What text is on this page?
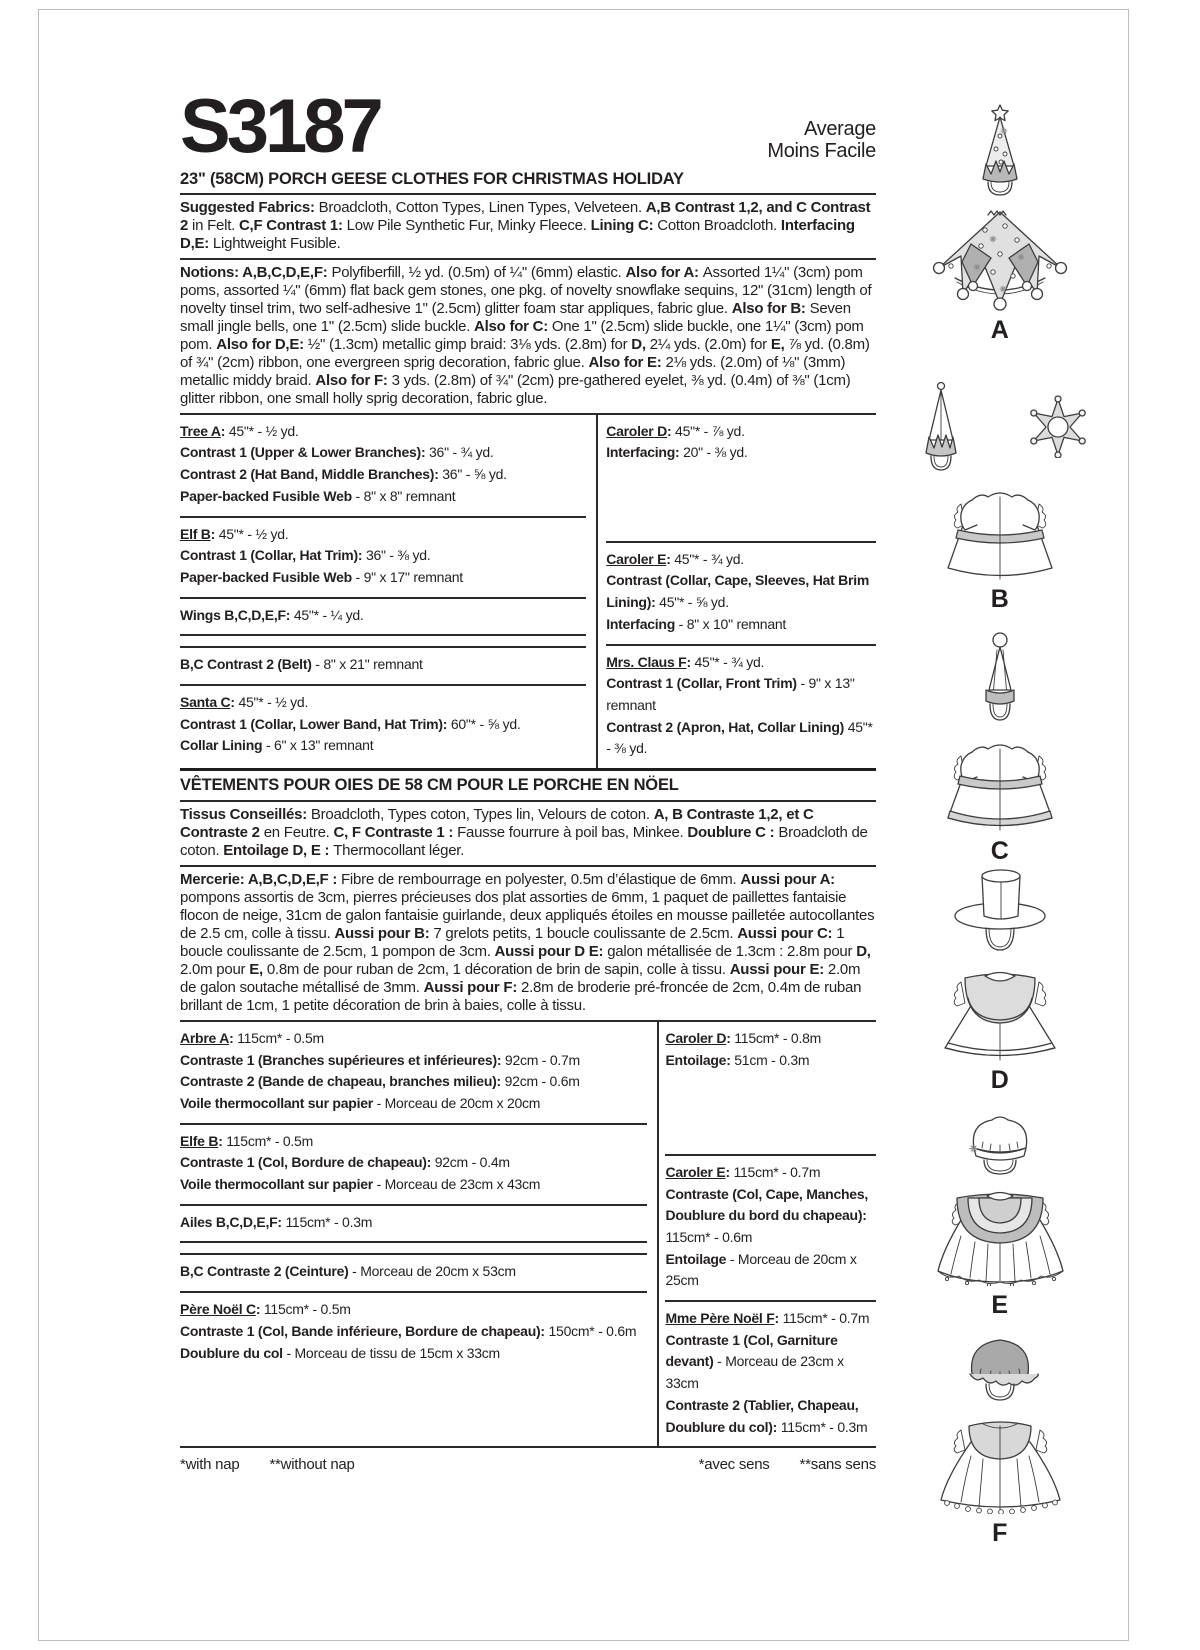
S3187	Average
Moins Facile
23" (58CM) PORCH GEESE CLOTHES FOR CHRISTMAS HOLIDAY

Suggested Fabrics: Broadcloth, Cotton Types, Linen Types, Velveteen. A,B Contrast 1,2, and C Contrast 2 in Felt. C,F Contrast 1: Low Pile Synthetic Fur, Minky Fleece. Lining C: Cotton Broadcloth. Interfacing D,E: Lightweight Fusible.

Notions: A,B,C,D,E,F: Polyfiberfill, ½ yd. (0.5m) of ¼" (6mm) elastic. Also for A: Assorted 1¼" (3cm) pom poms, assorted ¼" (6mm) flat back gem stones, one pkg. of novelty snowflake sequins, 12" (31cm) length of novelty tinsel trim, two self-adhesive 1" (2.5cm) glitter foam star appliques, fabric glue. Also for B: Seven small jingle bells, one 1" (2.5cm) slide buckle. Also for C: One 1" (2.5cm) slide buckle, one 1¼" (3cm) pom pom. Also for D,E: ½" (1.3cm) metallic gimp braid: 3⅛ yds. (2.8m) for D, 2¼ yds. (2.0m) for E, ⅞ yd. (0.8m) of ¾" (2cm) ribbon, one evergreen sprig decoration, fabric glue. Also for E: 2⅛ yds. (2.0m) of ⅛" (3mm) metallic middy braid. Also for F: 3 yds. (2.8m) of ¾" (2cm) pre-gathered eyelet, ⅜ yd. (0.4m) of ⅜" (1cm) glitter ribbon, one small holly sprig decoration, fabric glue.

Tree A: 45"* - ½ yd.
Contrast 1 (Upper & Lower Branches): 36" - ¾ yd.
Contrast 2 (Hat Band, Middle Branches): 36" - ⅝ yd.
Paper-backed Fusible Web - 8" x 8" remnant
Elf B: 45"* - ½ yd.
Contrast 1 (Collar, Hat Trim): 36" - ⅜ yd.
Paper-backed Fusible Web - 9" x 17" remnant
Wings B,C,D,E,F: 45"* - ¼ yd.
B,C Contrast 2 (Belt) - 8" x 21" remnant
Santa C: 45"* - ½ yd.
Contrast 1 (Collar, Lower Band, Hat Trim): 60"* - ⅝ yd.
Collar Lining - 6" x 13" remnant
Caroler D: 45"* - ⅞ yd.
Interfacing: 20" - ⅜ yd.
Caroler E: 45"* - ¾ yd.
Contrast (Collar, Cape, Sleeves, Hat Brim Lining): 45"* - ⅝ yd.
Interfacing - 8" x 10" remnant
Mrs. Claus F: 45"* - ¾ yd.
Contrast 1 (Collar, Front Trim) - 9" x 13" remnant
Contrast 2 (Apron, Hat, Collar Lining) 45"* - ⅜ yd.
VÊTEMENTS POUR OIES DE 58 CM POUR LE PORCHE EN NÖEL

Tissus Conseillés: Broadcloth, Types coton, Types lin, Velours de coton. A, B Contraste 1,2, et C Contraste 2 en Feutre. C, F Contraste 1 : Fausse fourrure à poil bas, Minkee. Doublure C : Broadcloth de coton. Entoilage D, E : Thermocollant léger.

Mercerie: A,B,C,D,E,F : Fibre de rembourrage en polyester, 0.5m d’élastique de 6mm. Aussi pour A: pompons assortis de 3cm, pierres précieuses dos plat assorties de 6mm, 1 paquet de paillettes fantaisie flocon de neige, 31cm de galon fantaisie guirlande, deux appliqués étoiles en mousse pailletée autocollantes de 2.5 cm, colle à tissu. Aussi pour B: 7 grelots petits, 1 boucle coulissante de 2.5cm. Aussi pour C: 1 boucle coulissante de 2.5cm, 1 pompon de 3cm. Aussi pour D E: galon métallisée de 1.3cm : 2.8m pour D, 2.0m pour E, 0.8m de pour ruban de 2cm, 1 décoration de brin de sapin, colle à tissu. Aussi pour E: 2.0m de galon soutache métallisé de 3mm. Aussi pour F: 2.8m de broderie pré-froncée de 2cm, 0.4m de ruban brillant de 1cm, 1 petite décoration de brin à baies, colle à tissu.

Arbre A: 115cm* - 0.5m
Contraste 1 (Branches supérieures et inférieures): 92cm - 0.7m
Contraste 2 (Bande de chapeau, branches milieu): 92cm - 0.6m
Voile thermocollant sur papier - Morceau de 20cm x 20cm
Elfe B: 115cm* - 0.5m
Contraste 1 (Col, Bordure de chapeau): 92cm - 0.4m
Voile thermocollant sur papier - Morceau de 23cm x 43cm
Ailes B,C,D,E,F: 115cm* - 0.3m
B,C Contraste 2 (Ceinture) - Morceau de 20cm x 53cm
Père Noël C: 115cm* - 0.5m
Contraste 1 (Col, Bande inférieure, Bordure de chapeau): 150cm* - 0.6m
Doublure du col - Morceau de tissu de 15cm x 33cm
Caroler D: 115cm* - 0.8m
Entoilage: 51cm - 0.3m
Caroler E: 115cm* - 0.7m
Contraste (Col, Cape, Manches, Doublure du bord du chapeau): 115cm* - 0.6m
Entoilage - Morceau de 20cm x 25cm
Mme Père Noël F: 115cm* - 0.7m
Contraste 1 (Col, Garniture devant) - Morceau de 23cm x 33cm
Contraste 2 (Tablier, Chapeau, Doublure du col): 115cm* - 0.3m
*with nap **without nap	*avec sens **sans sens
A
B
C
D
E
F
